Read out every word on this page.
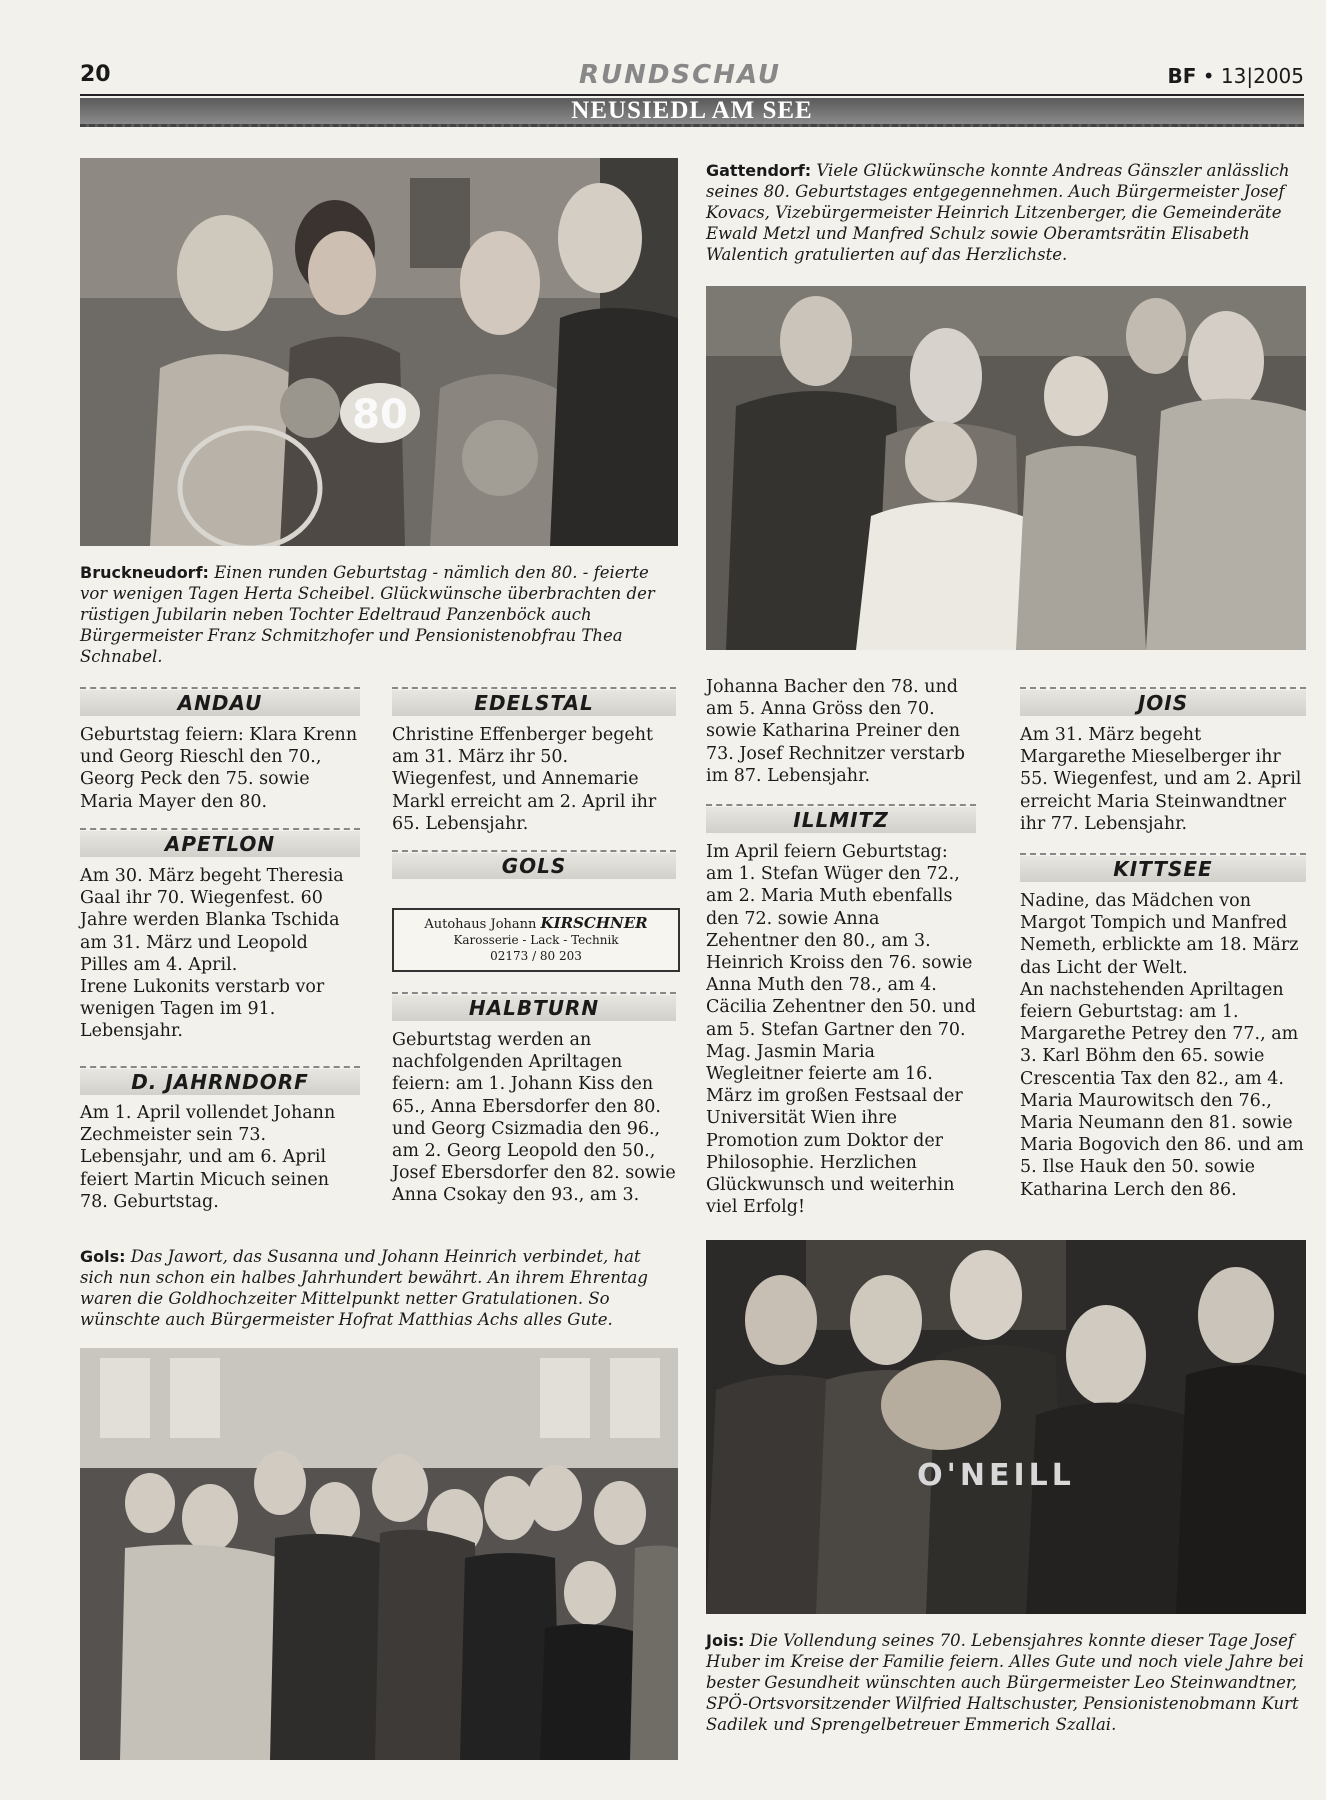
20	RUNDSCHAU	BF • 13|2005
NEUSIEDL AM SEE
80
Gattendorf: Viele Glückwünsche konnte Andreas Gänszler anlässlich seines 80. Geburtstages entgegennehmen. Auch Bürgermeister Josef Kovacs, Vizebürgermeister Heinrich Litzenberger, die Gemeinderäte Ewald Metzl und Manfred Schulz sowie Oberamtsrätin Elisabeth Walentich gratulierten auf das Herzlichste.
Bruckneudorf: Einen runden Geburtstag - nämlich den 80. - feierte vor wenigen Tagen Herta Scheibel. Glückwünsche überbrachten der rüstigen Jubilarin neben Tochter Edeltraud Panzenböck auch Bürgermeister Franz Schmitzhofer und Pensionistenobfrau Thea Schnabel.
ANDAU
Geburtstag feiern: Klara Krenn und Georg Rieschl den 70., Georg Peck den 75. sowie Maria Mayer den 80.
APETLON
Am 30. März begeht Theresia Gaal ihr 70. Wiegenfest. 60 Jahre werden Blanka Tschida am 31. März und Leopold Pilles am 4. April.
Irene Lukonits verstarb vor wenigen Tagen im 91. Lebensjahr.
D. JAHRNDORF
Am 1. April vollendet Johann Zechmeister sein 73. Lebensjahr, und am 6. April feiert Martin Micuch seinen 78. Geburtstag.
EDELSTAL
Christine Effenberger begeht am 31. März ihr 50. Wiegenfest, und Annemarie Markl erreicht am 2. April ihr 65. Lebensjahr.
GOLS
Autohaus Johann KIRSCHNER
Karosserie - Lack - Technik
02173 / 80 203
HALBTURN
Geburtstag werden an nachfolgenden Apriltagen feiern: am 1. Johann Kiss den 65., Anna Ebersdorfer den 80. und Georg Csizmadia den 96., am 2. Georg Leopold den 50., Josef Ebersdorfer den 82. sowie Anna Csokay den 93., am 3.
Johanna Bacher den 78. und am 5. Anna Gröss den 70. sowie Katharina Preiner den 73. Josef Rechnitzer verstarb im 87. Lebensjahr.
ILLMITZ
Im April feiern Geburtstag: am 1. Stefan Wüger den 72., am 2. Maria Muth ebenfalls den 72. sowie Anna Zehentner den 80., am 3. Heinrich Kroiss den 76. sowie Anna Muth den 78., am 4. Cäcilia Zehentner den 50. und am 5. Stefan Gartner den 70.
Mag. Jasmin Maria Wegleitner feierte am 16. März im großen Festsaal der Universität Wien ihre Promotion zum Doktor der Philosophie. Herzlichen Glückwunsch und weiterhin viel Erfolg!
JOIS
Am 31. März begeht Margarethe Mieselberger ihr 55. Wiegenfest, und am 2. April erreicht Maria Steinwandtner ihr 77. Lebensjahr.
KITTSEE
Nadine, das Mädchen von Margot Tompich und Manfred Nemeth, erblickte am 18. März das Licht der Welt.
An nachstehenden Apriltagen feiern Geburtstag: am 1. Margarethe Petrey den 77., am 3. Karl Böhm den 65. sowie Crescentia Tax den 82., am 4. Maria Maurowitsch den 76., Maria Neumann den 81. sowie Maria Bogovich den 86. und am 5. Ilse Hauk den 50. sowie Katharina Lerch den 86.
Gols: Das Jawort, das Susanna und Johann Heinrich verbindet, hat sich nun schon ein halbes Jahrhundert bewährt. An ihrem Ehrentag waren die Goldhochzeiter Mittelpunkt netter Gratulationen. So wünschte auch Bürgermeister Hofrat Matthias Achs alles Gute.
O'NEILL
Jois: Die Vollendung seines 70. Lebensjahres konnte dieser Tage Josef Huber im Kreise der Familie feiern. Alles Gute und noch viele Jahre bei bester Gesundheit wünschten auch Bürgermeister Leo Steinwandtner, SPÖ-Ortsvorsitzender Wilfried Haltschuster, Pensionistenobmann Kurt Sadilek und Sprengelbetreuer Emmerich Szallai.
